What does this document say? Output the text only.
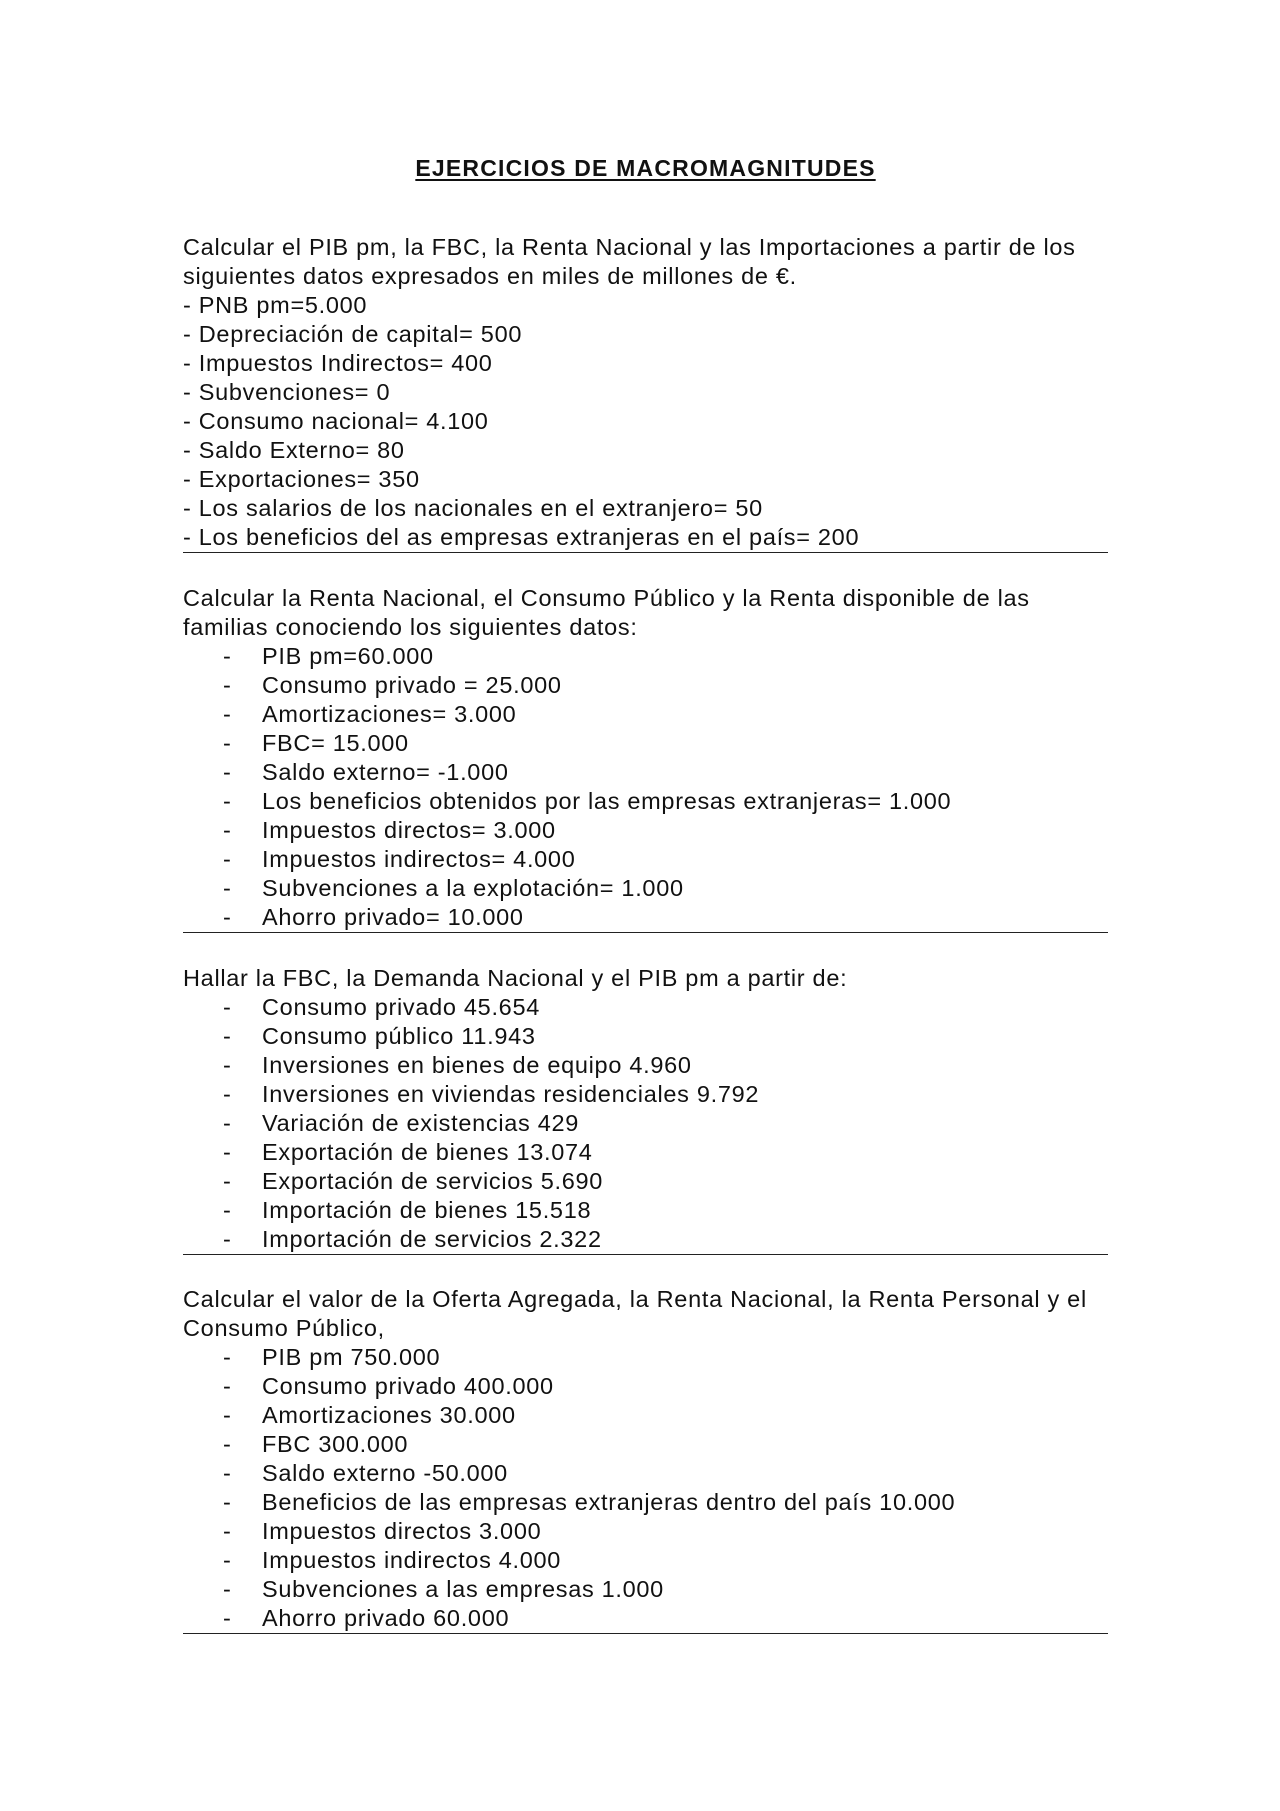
EJERCICIOS DE MACROMAGNITUDES

Calcular el PIB pm, la FBC, la Renta Nacional y las Importaciones a partir de los siguientes datos expresados en miles de millones de €.

- PNB pm=5.000
- Depreciación de capital= 500
- Impuestos Indirectos= 400
- Subvenciones= 0
- Consumo nacional= 4.100
- Saldo Externo= 80
- Exportaciones= 350
- Los salarios de los nacionales en el extranjero= 50
- Los beneficios del as empresas extranjeras en el país= 200

Calcular la Renta Nacional, el Consumo Público y la Renta disponible de las familias conociendo los siguientes datos:

- PIB pm=60.000
- Consumo privado = 25.000
- Amortizaciones= 3.000
- FBC= 15.000
- Saldo externo= -1.000
- Los beneficios obtenidos por las empresas extranjeras= 1.000
- Impuestos directos= 3.000
- Impuestos indirectos= 4.000
- Subvenciones a la explotación= 1.000
- Ahorro privado= 10.000

Hallar la FBC, la Demanda Nacional y el PIB pm a partir de:

- Consumo privado 45.654
- Consumo público 11.943
- Inversiones en bienes de equipo 4.960
- Inversiones en viviendas residenciales 9.792
- Variación de existencias 429
- Exportación de bienes 13.074
- Exportación de servicios 5.690
- Importación de bienes 15.518
- Importación de servicios 2.322

Calcular el valor de la Oferta Agregada, la Renta Nacional, la Renta Personal y el Consumo Público,

- PIB pm 750.000
- Consumo privado 400.000
- Amortizaciones 30.000
- FBC 300.000
- Saldo externo -50.000
- Beneficios de las empresas extranjeras dentro del país 10.000
- Impuestos directos 3.000
- Impuestos indirectos 4.000
- Subvenciones a las empresas 1.000
- Ahorro privado 60.000
